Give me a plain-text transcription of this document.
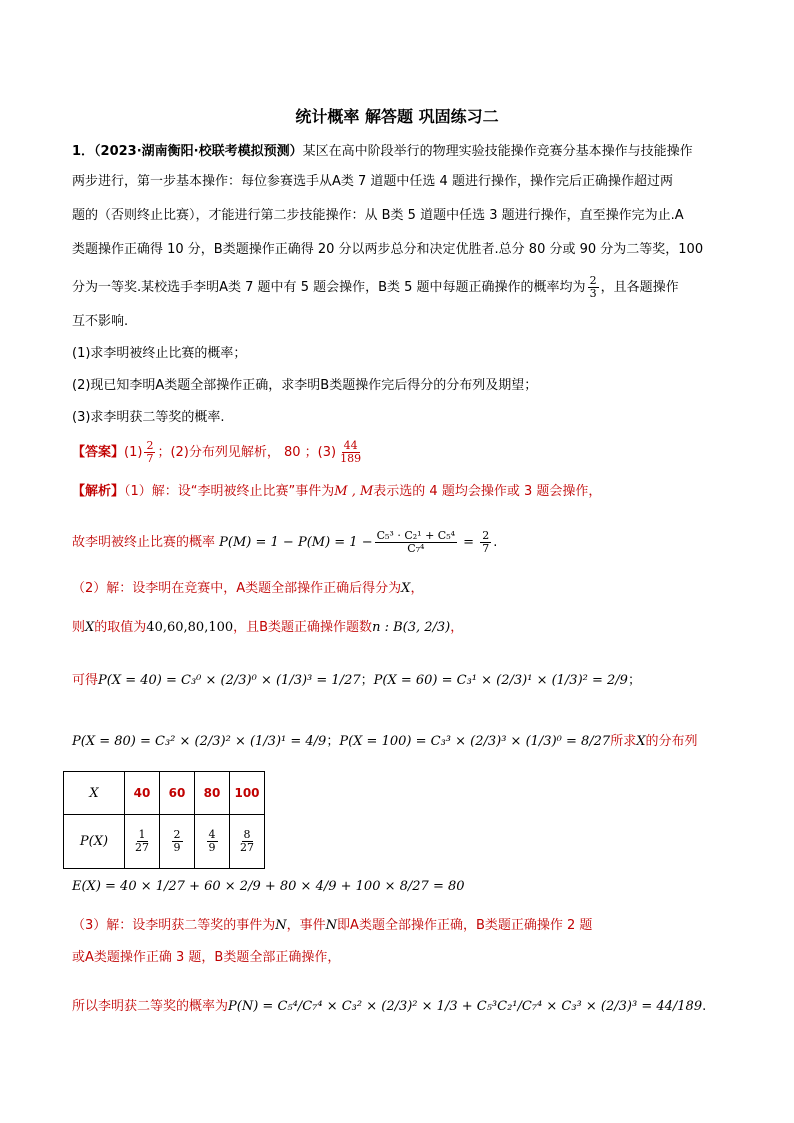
统计概率 解答题 巩固练习二
1．（2023·湖南衡阳·校联考模拟预测）某区在高中阶段举行的物理实验技能操作竞赛分基本操作与技能操作
两步进行，第一步基本操作：每位参赛选手从A类 7 道题中任选 4 题进行操作，操作完后正确操作超过两
题的（否则终止比赛），才能进行第二步技能操作：从 B类 5 道题中任选 3 题进行操作，直至操作完为止.A
类题操作正确得 10 分，B类题操作正确得 20 分以两步总分和决定优胜者.总分 80 分或 90 分为二等奖，100
分为一等奖.某校选手李明A类 7 题中有 5 题会操作，B类 5 题中每题正确操作的概率均为 $\frac{2}{3}$ ，且各题操作
互不影响.
(1)求李明被终止比赛的概率；
(2)现已知李明A类题全部操作正确，求李明B类题操作完后得分的分布列及期望；
(3)求李明获二等奖的概率.
【答案】$(1) \frac{2}{7}$ ；(2)分布列见解析， 80 ；$(3) \frac{44}{189}$
【解析】（1）解：设“李明被终止比赛”事件为M , M表示选的 4 题均会操作或 3 题会操作，
故李明被终止比赛的概率 $P(M) = 1 - P(M) = 1 - \frac{\text{C₅³ · C₂¹ + C₅⁴}}{\text{C₇⁴}} = \frac{2}{7}$ .
（2）解：设李明在竞赛中，A类题全部操作正确后得分为X，
则X的取值为40,60,80,100，且B类题正确操作题数n : B(3, 2/3)，
可得P(X = 40) = C₃⁰ × (2/3)⁰ × (1/3)³ = 1/27；P(X = 60) = C₃¹ × (2/3)¹ × (1/3)² = 2/9；
P(X = 80) = C₃² × (2/3)² × (1/3)¹ = 4/9；P(X = 100) = C₃³ × (2/3)³ × (1/3)⁰ = 8/27所求X的分布列
X	40	60	80	100
P(X)	$\frac{1}{27}$	$\frac{2}{9}$	$\frac{4}{9}$	$\frac{8}{27}$
E(X) = 40 × 1/27 + 60 × 2/9 + 80 × 4/9 + 100 × 8/27 = 80
（3）解：设李明获二等奖的事件为N，事件N即A类题全部操作正确，B类题正确操作 2 题
或A类题操作正确 3 题，B类题全部正确操作，
所以李明获二等奖的概率为P(N) = C₅⁴/C₇⁴ × C₃² × (2/3)² × 1/3 + C₅³C₂¹/C₇⁴ × C₃³ × (2/3)³ = 44/189.
